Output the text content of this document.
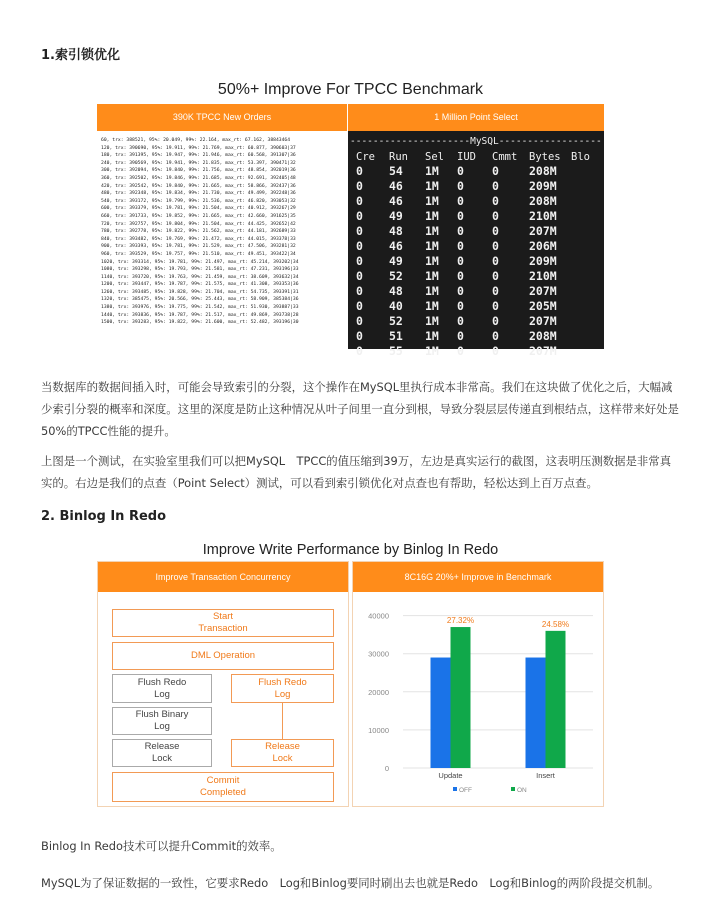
1.索引锁优化
50%+ Improve For TPCC Benchmark
390K TPCC New Orders
60, trx: 388521, 95%: 20.049, 99%: 22.164, max_rt: 67.162, 38843464
120, trx: 390690, 95%: 19.911, 99%: 21.769, max_rt: 60.877, 390603|37
180, trx: 391395, 95%: 19.947, 99%: 21.946, max_rt: 60.568, 391307|36
240, trx: 390569, 95%: 19.941, 99%: 21.835, max_rt: 53.397, 390471|32
300, trx: 392094, 95%: 19.840, 99%: 21.756, max_rt: 48.854, 392019|36
360, trx: 392502, 95%: 19.846, 99%: 21.685, max_rt: 92.691, 392405|48
420, trx: 392542, 95%: 19.840, 99%: 21.665, max_rt: 58.866, 392437|36
480, trx: 392348, 95%: 19.834, 99%: 21.730, max_rt: 49.499, 392248|36
540, trx: 393172, 95%: 19.799, 99%: 21.536, max_rt: 46.820, 393053|32
600, trx: 393379, 95%: 19.781, 99%: 21.504, max_rt: 40.912, 393267|29
660, trx: 391733, 95%: 19.852, 99%: 21.665, max_rt: 42.660, 391625|35
720, trx: 392757, 95%: 19.804, 99%: 21.504, max_rt: 44.425, 392652|42
780, trx: 392778, 95%: 19.822, 99%: 21.562, max_rt: 44.181, 392689|33
840, trx: 393482, 95%: 19.769, 99%: 21.472, max_rt: 44.015, 393378|33
900, trx: 393393, 95%: 19.781, 99%: 21.529, max_rt: 47.506, 393281|32
960, trx: 393529, 95%: 19.757, 99%: 21.510, max_rt: 49.451, 393422|34
1020, trx: 393314, 95%: 19.781, 99%: 21.497, max_rt: 45.214, 393202|34
1080, trx: 393298, 95%: 19.793, 99%: 21.581, max_rt: 47.231, 393196|33
1140, trx: 393720, 95%: 19.763, 99%: 21.459, max_rt: 38.609, 393632|34
1200, trx: 393447, 95%: 19.787, 99%: 21.575, max_rt: 41.308, 393353|36
1260, trx: 393485, 95%: 19.828, 99%: 21.704, max_rt: 54.735, 393391|31
1320, trx: 385475, 95%: 20.566, 99%: 25.443, max_rt: 58.909, 385384|36
1380, trx: 393976, 95%: 19.775, 99%: 21.542, max_rt: 51.930, 393887|33
1440, trx: 393836, 95%: 19.787, 99%: 21.517, max_rt: 49.869, 393738|28
1500, trx: 393283, 95%: 19.822, 99%: 21.600, max_rt: 52.482, 393196|30
1 Million Point Select
---------------------MySQL------------------
Cre	Run	Sel	IUD	Cmmt	Bytes Blo
0	54	1M	0	0	208M
0	46	1M	0	0	209M
0	46	1M	0	0	208M
0	49	1M	0	0	210M
0	48	1M	0	0	207M
0	46	1M	0	0	206M
0	49	1M	0	0	209M
0	52	1M	0	0	210M
0	48	1M	0	0	207M
0	40	1M	0	0	205M
0	52	1M	0	0	207M
0	51	1M	0	0	208M
0	55	1M	0	0	207M
当数据库的数据间插入时，可能会导致索引的分裂，这个操作在MySQL里执行成本非常高。我们在这块做了优化之后，大幅减少索引分裂的概率和深度。这里的深度是防止这种情况从叶子间里一直分到根，导致分裂层层传递直到根结点，这样带来好处是50%的TPCC性能的提升。
上图是一个测试，在实验室里我们可以把MySQL　TPCC的值压缩到39万，左边是真实运行的截图，这表明压测数据是非常真实的。右边是我们的点查（Point Select）测试，可以看到索引锁优化对点查也有帮助，轻松达到上百万点查。
2. Binlog In Redo
Improve Write Performance by Binlog In Redo
Improve Transaction Concurrency
Start
Transaction
DML Operation
Flush Redo
Log
Flush Redo
Log
Flush Binary
Log
Release
Lock
Release
Lock
Commit
Completed
8C16G 20%+ Improve in Benchmark
0
10000
20000
30000
40000	27.32%
Update
24.58%
Insert
OFF	ON
Binlog In Redo技术可以提升Commit的效率。
MySQL为了保证数据的一致性，它要求Redo　Log和Binlog要同时刷出去也就是Redo　Log和Binlog的两阶段提交机制。
